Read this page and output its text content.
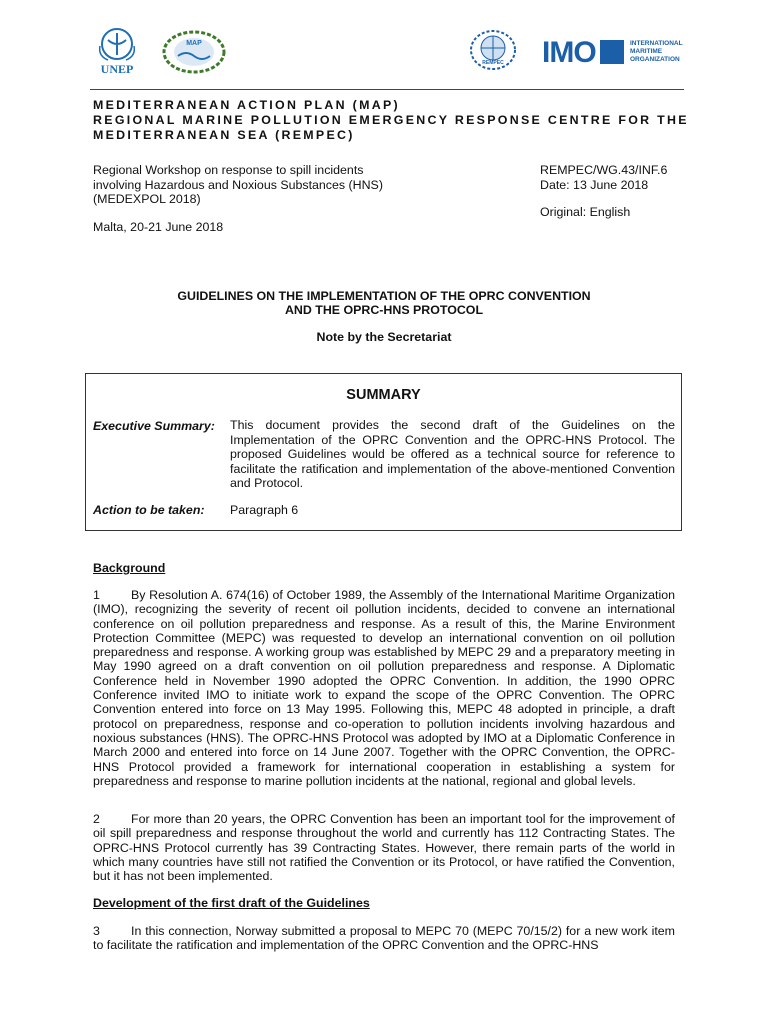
UNEP
MAP
REMPEC	IMO	INTERNATIONAL
MARITIME
ORGANIZATION
MEDITERRANEAN ACTION PLAN (MAP)
REGIONAL MARINE POLLUTION EMERGENCY RESPONSE CENTRE FOR THE
MEDITERRANEAN SEA (REMPEC)
Regional Workshop on response to spill incidents
involving Hazardous and Noxious Substances (HNS)
(MEDEXPOL 2018)
Malta, 20-21 June 2018
REMPEC/WG.43/INF.6
Date: 13 June 2018
Original: English
GUIDELINES ON THE IMPLEMENTATION OF THE OPRC CONVENTION
AND THE OPRC-HNS PROTOCOL
Note by the Secretariat
SUMMARY
Executive Summary: This document provides the second draft of the Guidelines on the Implementation of the OPRC Convention and the OPRC-HNS Protocol. The proposed Guidelines would be offered as a technical source for reference to facilitate the ratification and implementation of the above-mentioned Convention and Protocol.
Action to be taken: Paragraph 6
Background
1	By Resolution A. 674(16) of October 1989, the Assembly of the International Maritime Organization (IMO), recognizing the severity of recent oil pollution incidents, decided to convene an international conference on oil pollution preparedness and response. As a result of this, the Marine Environment Protection Committee (MEPC) was requested to develop an international convention on oil pollution preparedness and response. A working group was established by MEPC 29 and a preparatory meeting in May 1990 agreed on a draft convention on oil pollution preparedness and response. A Diplomatic Conference held in November 1990 adopted the OPRC Convention. In addition, the 1990 OPRC Conference invited IMO to initiate work to expand the scope of the OPRC Convention. The OPRC Convention entered into force on 13 May 1995. Following this, MEPC 48 adopted in principle, a draft protocol on preparedness, response and co-operation to pollution incidents involving hazardous and noxious substances (HNS). The OPRC-HNS Protocol was adopted by IMO at a Diplomatic Conference in March 2000 and entered into force on 14 June 2007. Together with the OPRC Convention, the OPRC-HNS Protocol provided a framework for international cooperation in establishing a system for preparedness and response to marine pollution incidents at the national, regional and global levels.
2	For more than 20 years, the OPRC Convention has been an important tool for the improvement of oil spill preparedness and response throughout the world and currently has 112 Contracting States. The OPRC-HNS Protocol currently has 39 Contracting States. However, there remain parts of the world in which many countries have still not ratified the Convention or its Protocol, or have ratified the Convention, but it has not been implemented.
Development of the first draft of the Guidelines
3	In this connection, Norway submitted a proposal to MEPC 70 (MEPC 70/15/2) for a new work item to facilitate the ratification and implementation of the OPRC Convention and the OPRC-HNS
